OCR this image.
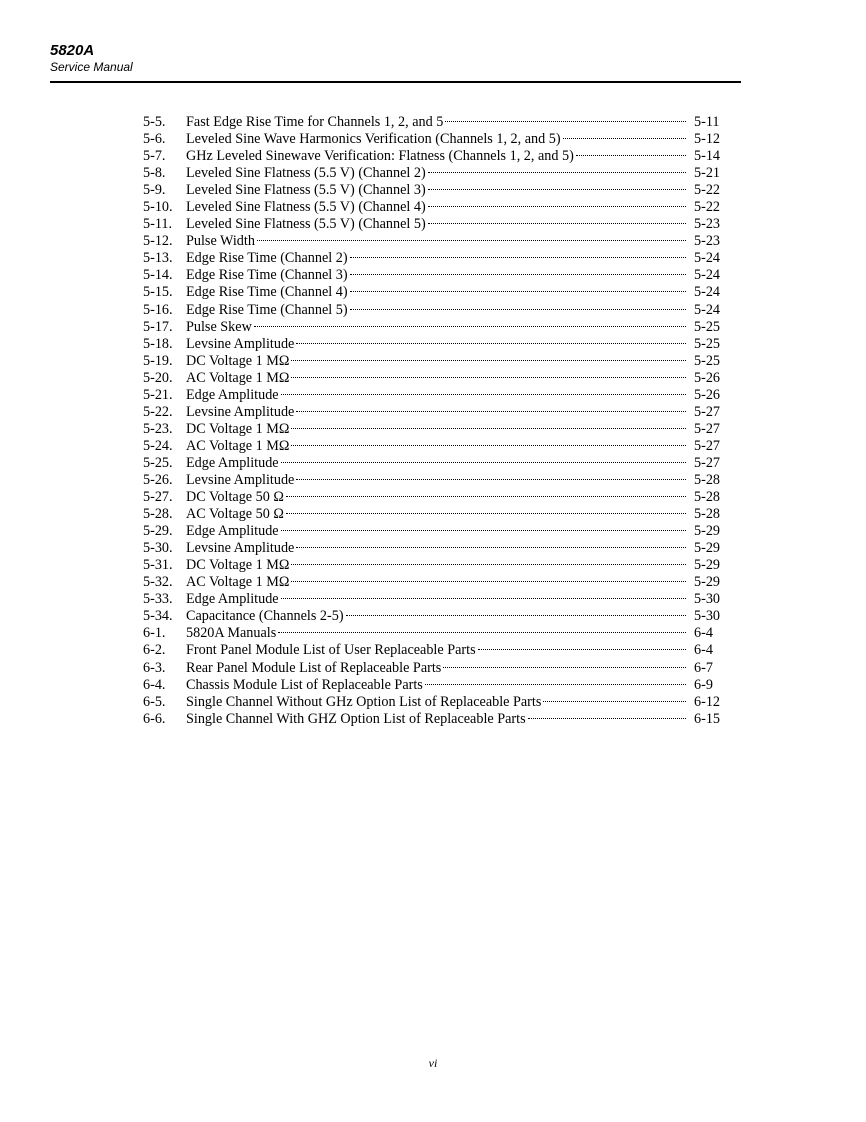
5820A
Service Manual
5-5.	Fast Edge Rise Time for Channels 1, 2, and 5	5-11
5-6.	Leveled Sine Wave Harmonics Verification (Channels 1, 2, and 5)	5-12
5-7.	GHz Leveled Sinewave Verification: Flatness (Channels 1, 2, and 5)	5-14
5-8.	Leveled Sine Flatness (5.5 V) (Channel 2)	5-21
5-9.	Leveled Sine Flatness (5.5 V) (Channel 3)	5-22
5-10. Leveled Sine Flatness (5.5 V) (Channel 4)	5-22
5-11. Leveled Sine Flatness (5.5 V) (Channel 5)	5-23
5-12. Pulse Width	5-23
5-13. Edge Rise Time (Channel 2)	5-24
5-14. Edge Rise Time (Channel 3)	5-24
5-15. Edge Rise Time (Channel 4)	5-24
5-16. Edge Rise Time (Channel 5)	5-24
5-17. Pulse Skew	5-25
5-18. Levsine Amplitude	5-25
5-19. DC Voltage 1 MΩ	5-25
5-20. AC Voltage 1 MΩ	5-26
5-21. Edge Amplitude	5-26
5-22. Levsine Amplitude	5-27
5-23. DC Voltage 1 MΩ	5-27
5-24. AC Voltage 1 MΩ	5-27
5-25. Edge Amplitude	5-27
5-26. Levsine Amplitude	5-28
5-27. DC Voltage 50 Ω	5-28
5-28. AC Voltage 50 Ω	5-28
5-29. Edge Amplitude	5-29
5-30. Levsine Amplitude	5-29
5-31. DC Voltage 1 MΩ	5-29
5-32. AC Voltage 1 MΩ	5-29
5-33. Edge Amplitude	5-30
5-34. Capacitance (Channels 2-5)	5-30
6-1.	5820A Manuals	6-4
6-2.	Front Panel Module List of User Replaceable Parts	6-4
6-3.	Rear Panel Module List of Replaceable Parts	6-7
6-4.	Chassis Module List of Replaceable Parts	6-9
6-5.	Single Channel Without GHz Option List of Replaceable Parts	6-12
6-6.	Single Channel With GHZ Option List of Replaceable Parts	6-15
vi
